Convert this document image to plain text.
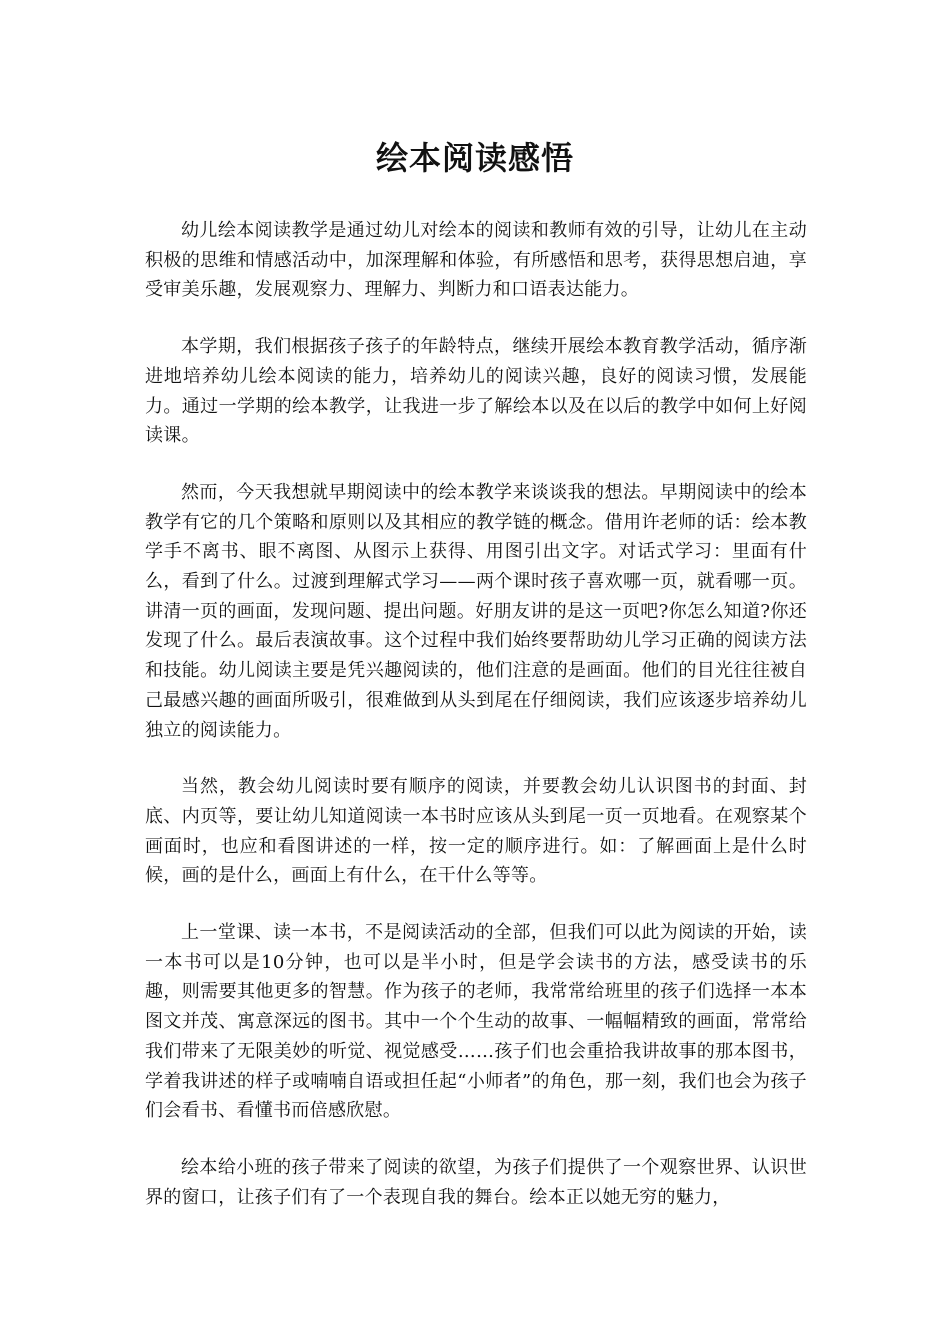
绘本阅读感悟

幼儿绘本阅读教学是通过幼儿对绘本的阅读和教师有效的引导，让幼儿在主动积极的思维和情感活动中，加深理解和体验，有所感悟和思考，获得思想启迪，享受审美乐趣，发展观察力、理解力、判断力和口语表达能力。

本学期，我们根据孩子孩子的年龄特点，继续开展绘本教育教学活动，循序渐进地培养幼儿绘本阅读的能力，培养幼儿的阅读兴趣，良好的阅读习惯，发展能力。通过一学期的绘本教学，让我进一步了解绘本以及在以后的教学中如何上好阅读课。

然而，今天我想就早期阅读中的绘本教学来谈谈我的想法。早期阅读中的绘本教学有它的几个策略和原则以及其相应的教学链的概念。借用许老师的话：绘本教学手不离书、眼不离图、从图示上获得、用图引出文字。对话式学习：里面有什么，看到了什么。过渡到理解式学习——两个课时孩子喜欢哪一页，就看哪一页。讲清一页的画面，发现问题、提出问题。好朋友讲的是这一页吧?你怎么知道?你还发现了什么。最后表演故事。这个过程中我们始终要帮助幼儿学习正确的阅读方法和技能。幼儿阅读主要是凭兴趣阅读的，他们注意的是画面。他们的目光往往被自己最感兴趣的画面所吸引，很难做到从头到尾在仔细阅读，我们应该逐步培养幼儿独立的阅读能力。

当然，教会幼儿阅读时要有顺序的阅读，并要教会幼儿认识图书的封面、封底、内页等，要让幼儿知道阅读一本书时应该从头到尾一页一页地看。在观察某个画面时，也应和看图讲述的一样，按一定的顺序进行。如：了解画面上是什么时候，画的是什么，画面上有什么，在干什么等等。

上一堂课、读一本书，不是阅读活动的全部，但我们可以此为阅读的开始，读一本书可以是10分钟，也可以是半小时，但是学会读书的方法，感受读书的乐趣，则需要其他更多的智慧。作为孩子的老师，我常常给班里的孩子们选择一本本图文并茂、寓意深远的图书。其中一个个生动的故事、一幅幅精致的画面，常常给我们带来了无限美妙的听觉、视觉感受……孩子们也会重拾我讲故事的那本图书，学着我讲述的样子或喃喃自语或担任起“小师者”的角色，那一刻，我们也会为孩子们会看书、看懂书而倍感欣慰。

绘本给小班的孩子带来了阅读的欲望，为孩子们提供了一个观察世界、认识世界的窗口，让孩子们有了一个表现自我的舞台。绘本正以她无穷的魅力，
